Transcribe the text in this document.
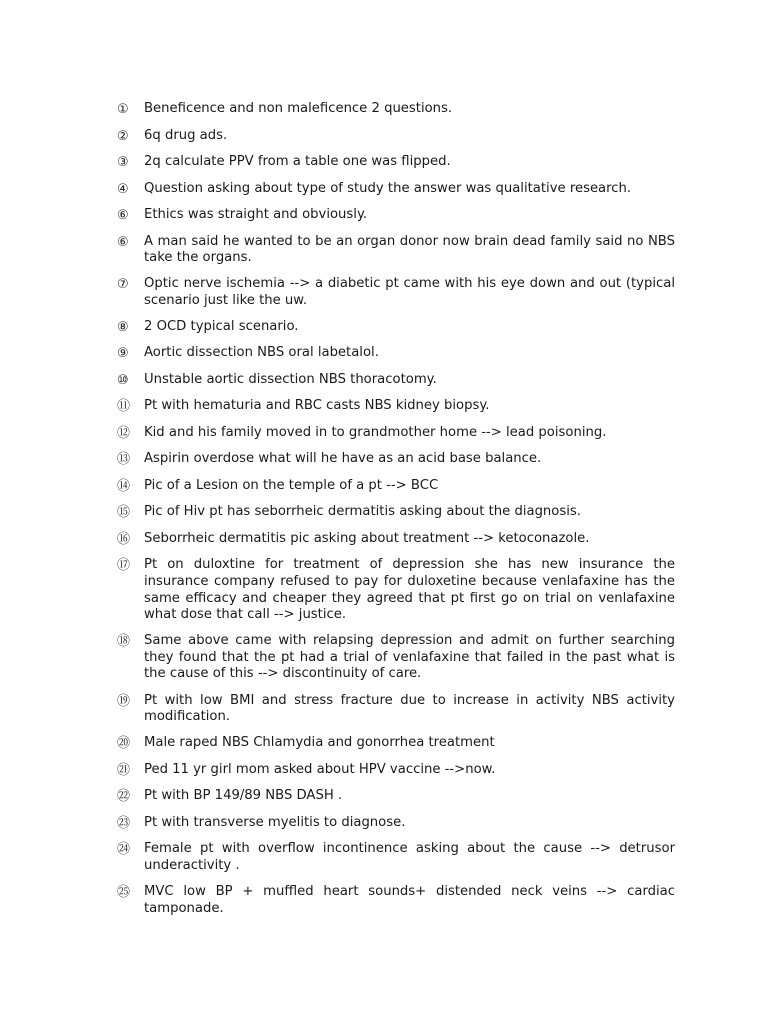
①	Beneficence and non maleficence 2 questions.
②	6q drug ads.
③	2q calculate PPV from a table one was flipped.
④	Question asking about type of study the answer was qualitative research.
⑥	Ethics was straight and obviously.
⑥	A man said he wanted to be an organ donor now brain dead family said no NBS take the organs.
⑦	Optic nerve ischemia --> a diabetic pt came with his eye down and out (typical scenario just like the uw.
⑧	2 OCD typical scenario.
⑨	Aortic dissection NBS oral labetalol.
⑩	Unstable aortic dissection NBS thoracotomy.
⑪	Pt with hematuria and RBC casts NBS kidney biopsy.
⑫	Kid and his family moved in to grandmother home --> lead poisoning.
⑬	Aspirin overdose what will he have as an acid base balance.
⑭	Pic of a Lesion on the temple of a pt --> BCC
⑮	Pic of Hiv pt has seborrheic dermatitis asking about the diagnosis.
⑯	Seborrheic dermatitis pic asking about treatment --> ketoconazole.
⑰	Pt on duloxtine for treatment of depression she has new insurance the insurance company refused to pay for duloxetine because venlafaxine has the same efficacy and cheaper they agreed that pt first go on trial on venlafaxine what dose that call --> justice.
⑱	Same above came with relapsing depression and admit on further searching they found that the pt had a trial of venlafaxine that failed in the past what is the cause of this --> discontinuity of care.
⑲	Pt with low BMI and stress fracture due to increase in activity NBS activity modification.
⑳	Male raped NBS Chlamydia and gonorrhea treatment
㉑	Ped 11 yr girl mom asked about HPV vaccine -->now.
㉒	Pt with BP 149/89 NBS DASH .
㉓	Pt with transverse myelitis to diagnose.
㉔	Female pt with overflow incontinence asking about the cause --> detrusor underactivity .
㉕	MVC low BP + muffled heart sounds+ distended neck veins --> cardiac tamponade.
